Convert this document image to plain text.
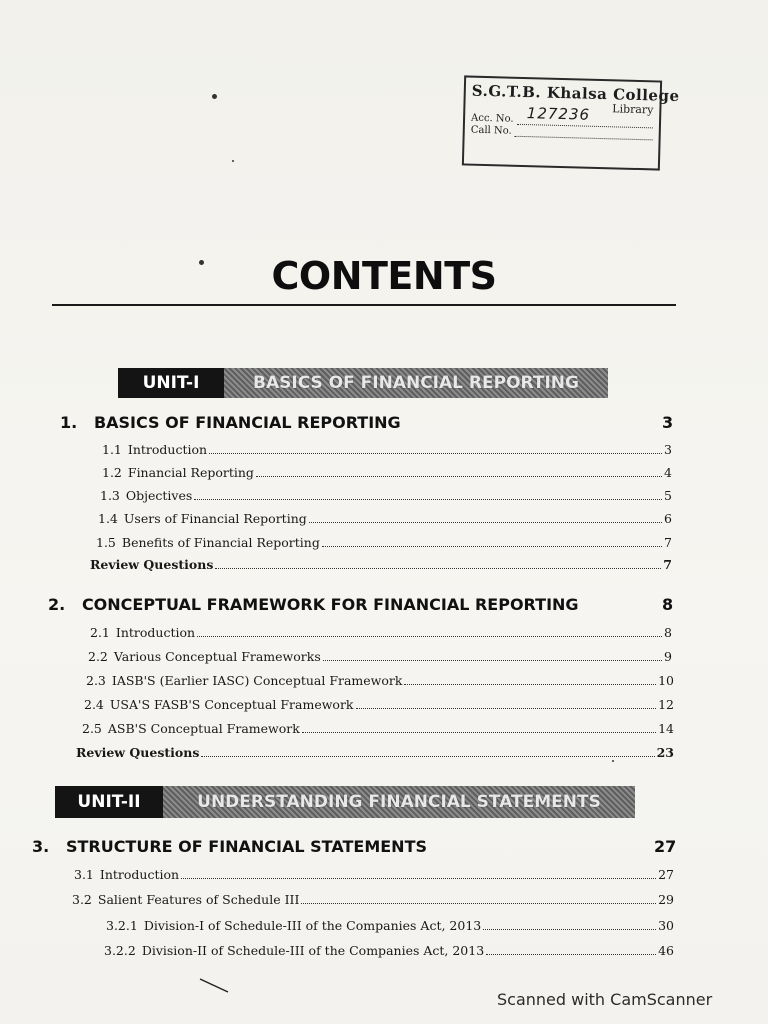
S.G.T.B. Khalsa College
Library
Acc. No. 127236
Call No.
CONTENTS
UNIT-I	BASICS OF FINANCIAL REPORTING
1. BASICS OF FINANCIAL REPORTING	3
1.1 Introduction	3
1.2 Financial Reporting	4
1.3 Objectives	5
1.4 Users of Financial Reporting	6
1.5 Benefits of Financial Reporting	7
Review Questions	7
2. CONCEPTUAL FRAMEWORK FOR FINANCIAL REPORTING	8
2.1 Introduction	8
2.2 Various Conceptual Frameworks	9
2.3 IASB'S (Earlier IASC) Conceptual Framework	10
2.4 USA'S FASB'S Conceptual Framework	12
2.5 ASB'S Conceptual Framework	14
Review Questions	23
UNIT-II	UNDERSTANDING FINANCIAL STATEMENTS
3. STRUCTURE OF FINANCIAL STATEMENTS	27
3.1 Introduction	27
3.2 Salient Features of Schedule III	29
3.2.1 Division-I of Schedule-III of the Companies Act, 2013	30
3.2.2 Division-II of Schedule-III of the Companies Act, 2013	46
Scanned with CamScanner
